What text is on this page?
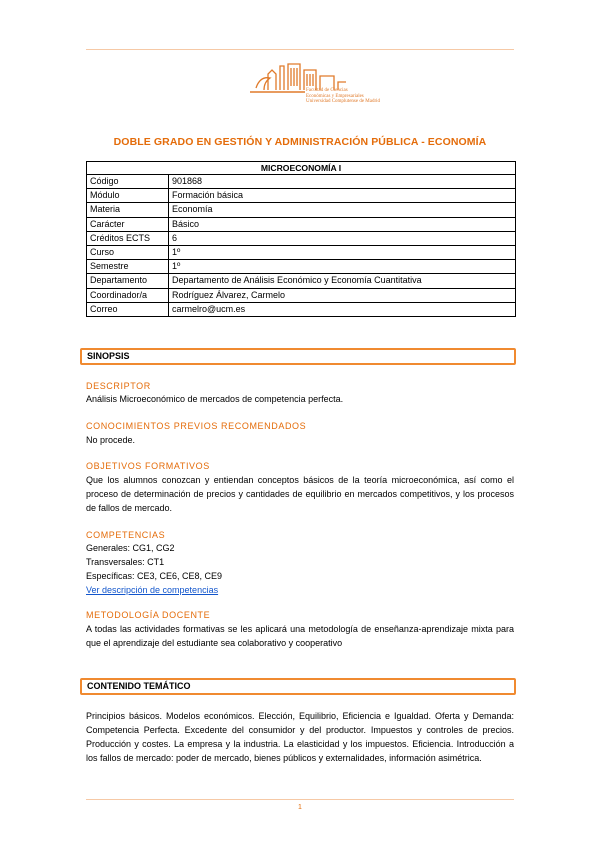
Facultad de Ciencias
Económicas y Empresariales
Universidad Complutense de Madrid
DOBLE GRADO EN GESTIÓN Y ADMINISTRACIÓN PÚBLICA - ECONOMÍA
MICROECONOMÍA I	
Código	901868
Módulo	Formación básica
Materia	Economía
Carácter	Básico
Créditos ECTS	6
Curso	1º
Semestre	1º
Departamento	Departamento de Análisis Económico y Economía Cuantitativa
Coordinador/a	Rodríguez Álvarez, Carmelo
Correo	carmelro@ucm.es
SINOPSIS
DESCRIPTOR
Análisis Microeconómico de mercados de competencia perfecta.
CONOCIMIENTOS PREVIOS RECOMENDADOS
No procede.
OBJETIVOS FORMATIVOS
Que los alumnos conozcan y entiendan conceptos básicos de la teoría microeconómica, así como el proceso de determinación de precios y cantidades de equilibrio en mercados competitivos, y los procesos de fallos de mercado.
COMPETENCIAS
Generales: CG1, CG2
Transversales: CT1
Específicas: CE3, CE6, CE8, CE9
Ver descripción de competencias
METODOLOGÍA DOCENTE
A todas las actividades formativas se les aplicará una metodología de enseñanza-aprendizaje mixta para que el aprendizaje del estudiante sea colaborativo y cooperativo
CONTENIDO TEMÁTICO
Principios básicos. Modelos económicos. Elección, Equilibrio, Eficiencia e Igualdad. Oferta y Demanda: Competencia Perfecta. Excedente del consumidor y del productor. Impuestos y controles de precios. Producción y costes. La empresa y la industria. La elasticidad y los impuestos. Eficiencia. Introducción a los fallos de mercado: poder de mercado, bienes públicos y externalidades, información asimétrica.
1
